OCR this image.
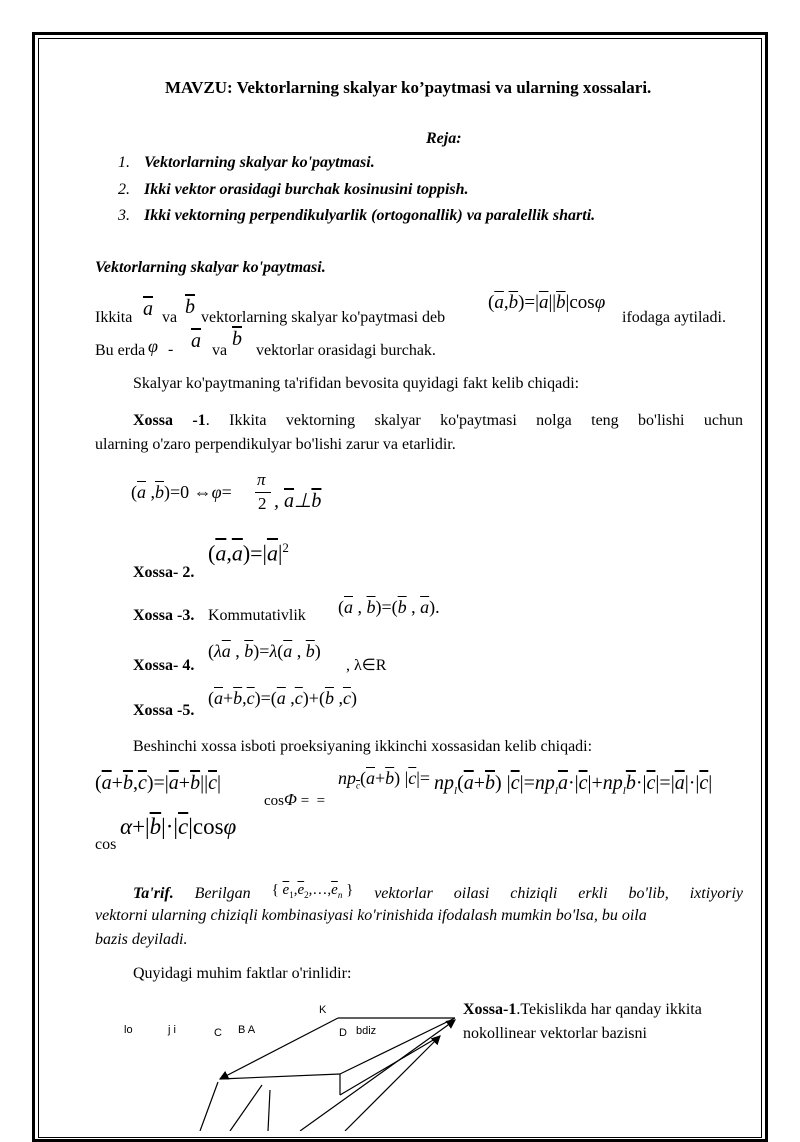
MAVZU: Vektorlarning skalyar ko’paytmasi va ularning xossalari.
Reja:
1. Vektorlarning skalyar ko'paytmasi.
2. Ikki vektor orasidagi burchak kosinusini toppish.
3. Ikki vektorning perpendikulyarlik (ortogonallik) va paralellik sharti.
Vektorlarning skalyar ko'paytmasi.
Ikkita $\overline{a}$ va $\overline{b}$ vektorlarning skalyar ko'paytmasi deb
$(\overline{a},\overline{b})=|\overline{a}||\overline{b}|\cos\varphi$
ifodaga aytiladi.
Bu erda φ - $\overline{a}$ va
$\overline{b}$
vektorlar orasidagi burchak.
Skalyar ko'paytmaning ta'rifidan bevosita quyidagi fakt kelib chiqadi:
Xossa -1. Ikkita vektorning skalyar ko'paytmasi nolga teng bo'lishi uchun
ularning o'zaro perpendikulyar bo'lishi zarur va etarlidir.
($\overline{a}$ $,\overline{b})=0$ ⇔φ=
π
2 , $\overline{a}\perp\overline{b}$
Xossa- 2.
$(\overline{a},\overline{a})=|\overline{a}|^2$
Xossa -3. Kommutativlik ($\overline{a}$ , $\overline{b})=(\overline{b}$ , $\overline{a}$).
Xossa- 4.
($\lambda\overline{a}$ , $\overline{b})=\lambda(\overline{a}$ , $\overline{b}$)
, λ∈R
Xossa -5.
$(\overline{a}+\overline{b},\overline{c})=(\overline{a}$ $,\overline{c})+(\overline{b}$ $,\overline{c}$)
Beshinchi xossa isboti proeksiyaning ikkinchi xossasidan kelib chiqadi:
$(\overline{a}+\overline{b},\overline{c})=|\overline{a}+\overline{b}||\overline{c}|$
cosΦ =  =
$np_{\overline{c}}(\overline{a}+\overline{b})$ $|\overline{c}|= np_l(\overline{a}+\overline{b})$ $|\overline{c}|=np_l\overline{a}\cdot|\overline{c}|+np_l\overline{b}\cdot|\overline{c}|=|\overline{a}|\cdot|\overline{c}|$
cos
$\alpha+|\overline{b}|\cdot|\overline{c}|\cos\varphi$
Ta'rif. Berilgan { $\overline{e}_1,\overline{e}_2,\dots,\overline{e}_n$ } vektorlar oilasi chiziqli erkli bo'lib, ixtiyoriy
vektorni ularning chiziqli kombinasiyasi ko'rinishida ifodalash mumkin bo'lsa, bu oila
bazis deyiladi.
Quyidagi muhim faktlar o'rinlidir:
Xossa-1.Tekislikda har qanday ikkita
nokollinear vektorlar bazisni
K
lo	j i	C B A	D bdiz
